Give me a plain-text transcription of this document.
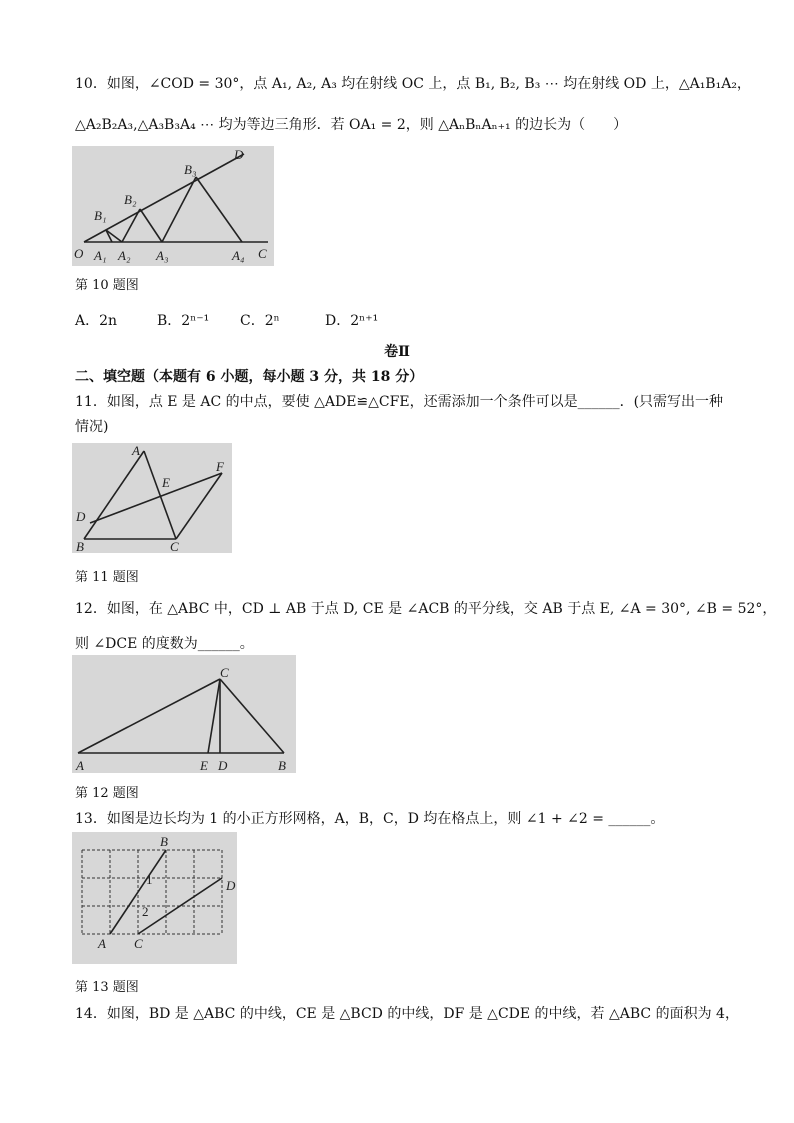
10．如图，∠COD = 30°，点 A₁, A₂, A₃ 均在射线 OC 上，点 B₁, B₂, B₃ ⋯ 均在射线 OD 上，△A₁B₁A₂，
△A₂B₂A₃,△A₃B₃A₄ ⋯ 均为等边三角形．若 OA₁ = 2，则 △AₙBₙAₙ₊₁ 的边长为（　　）
O A₁ A₂ A₃	A₄ C
B₁
B₂
B₃
D
第 10 题图
A．2n	B．2ⁿ⁻¹ C．2ⁿ	D．2ⁿ⁺¹
卷Ⅱ
二、填空题（本题有 6 小题，每小题 3 分，共 18 分）
11．如图，点 E 是 AC 的中点，要使 △ADE≌△CFE，还需添加一个条件可以是______．(只需写出一种
情况)
A
B	C
D
E
F
第 11 题图
12．如图，在 △ABC 中，CD ⊥ AB 于点 D, CE 是 ∠ACB 的平分线，交 AB 于点 E, ∠A = 30°, ∠B = 52°，
则 ∠DCE 的度数为______。
C
A	E D	B
第 12 题图
13．如图是边长均为 1 的小正方形网格，A，B，C，D 均在格点上，则 ∠1 + ∠2 = ______。
B
D
A C
1
2
第 13 题图
14．如图，BD 是 △ABC 的中线，CE 是 △BCD 的中线，DF 是 △CDE 的中线，若 △ABC 的面积为 4，
